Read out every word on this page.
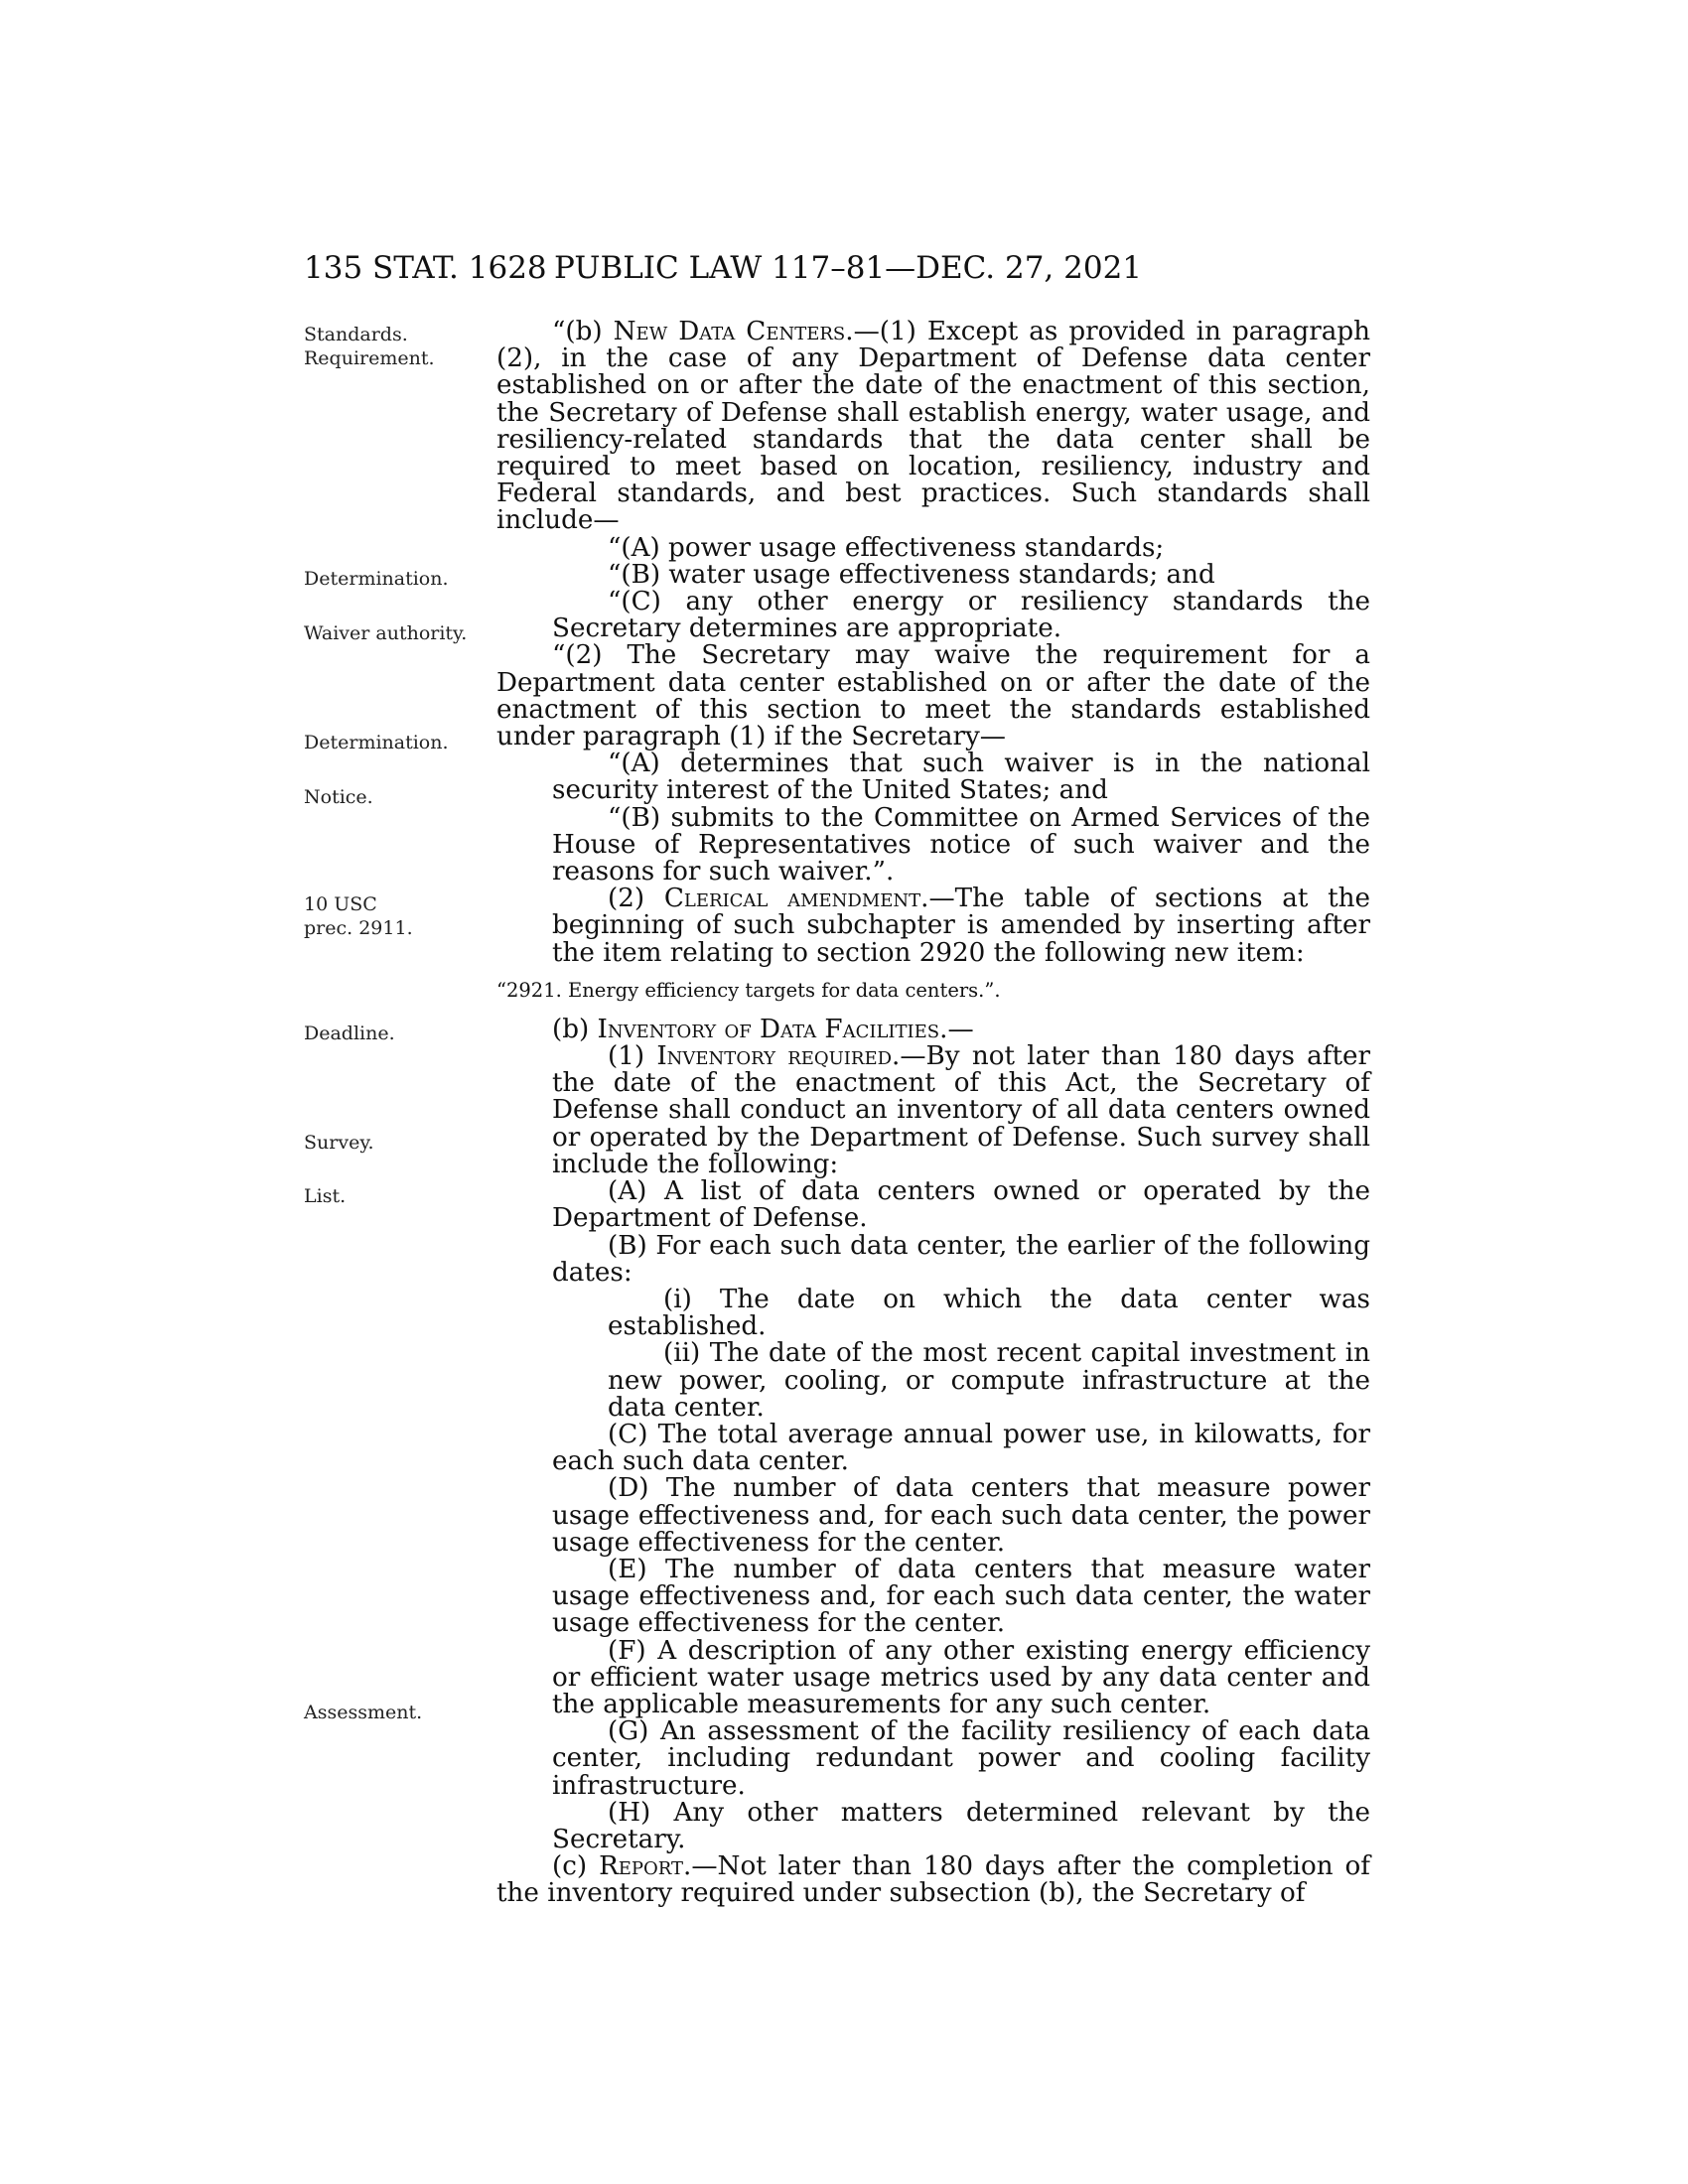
135 STAT. 1628 PUBLIC LAW 117–81—DEC. 27, 2021
Standards.
Requirement.
Determination.
Waiver authority.
Determination.
Notice.
10 USC
prec. 2911.
Deadline.
Survey.
List.
Assessment.

“(b) New Data Centers.—(1) Except as provided in paragraph (2), in the case of any Department of Defense data center established on or after the date of the enactment of this section, the Secretary of Defense shall establish energy, water usage, and resiliency-related standards that the data center shall be required to meet based on location, resiliency, industry and Federal standards, and best practices. Such standards shall include—

“(A) power usage effectiveness standards;

“(B) water usage effectiveness standards; and

“(C) any other energy or resiliency standards the Secretary determines are appropriate.

“(2) The Secretary may waive the requirement for a Department data center established on or after the date of the enactment of this section to meet the standards established under paragraph (1) if the Secretary—

“(A) determines that such waiver is in the national security interest of the United States; and

“(B) submits to the Committee on Armed Services of the House of Representatives notice of such waiver and the reasons for such waiver.”.

(2) Clerical amendment.—The table of sections at the beginning of such subchapter is amended by inserting after the item relating to section 2920 the following new item:

“2921. Energy efficiency targets for data centers.”.

(b) Inventory of Data Facilities.—

(1) Inventory required.—By not later than 180 days after the date of the enactment of this Act, the Secretary of Defense shall conduct an inventory of all data centers owned or operated by the Department of Defense. Such survey shall include the following:

(A) A list of data centers owned or operated by the Department of Defense.

(B) For each such data center, the earlier of the following dates:

(i) The date on which the data center was established.

(ii) The date of the most recent capital investment in new power, cooling, or compute infrastructure at the data center.

(C) The total average annual power use, in kilowatts, for each such data center.

(D) The number of data centers that measure power usage effectiveness and, for each such data center, the power usage effectiveness for the center.

(E) The number of data centers that measure water usage effectiveness and, for each such data center, the water usage effectiveness for the center.

(F) A description of any other existing energy efficiency or efficient water usage metrics used by any data center and the applicable measurements for any such center.

(G) An assessment of the facility resiliency of each data center, including redundant power and cooling facility infrastructure.

(H) Any other matters determined relevant by the Secretary.

(c) Report.—Not later than 180 days after the completion of the inventory required under subsection (b), the Secretary of
